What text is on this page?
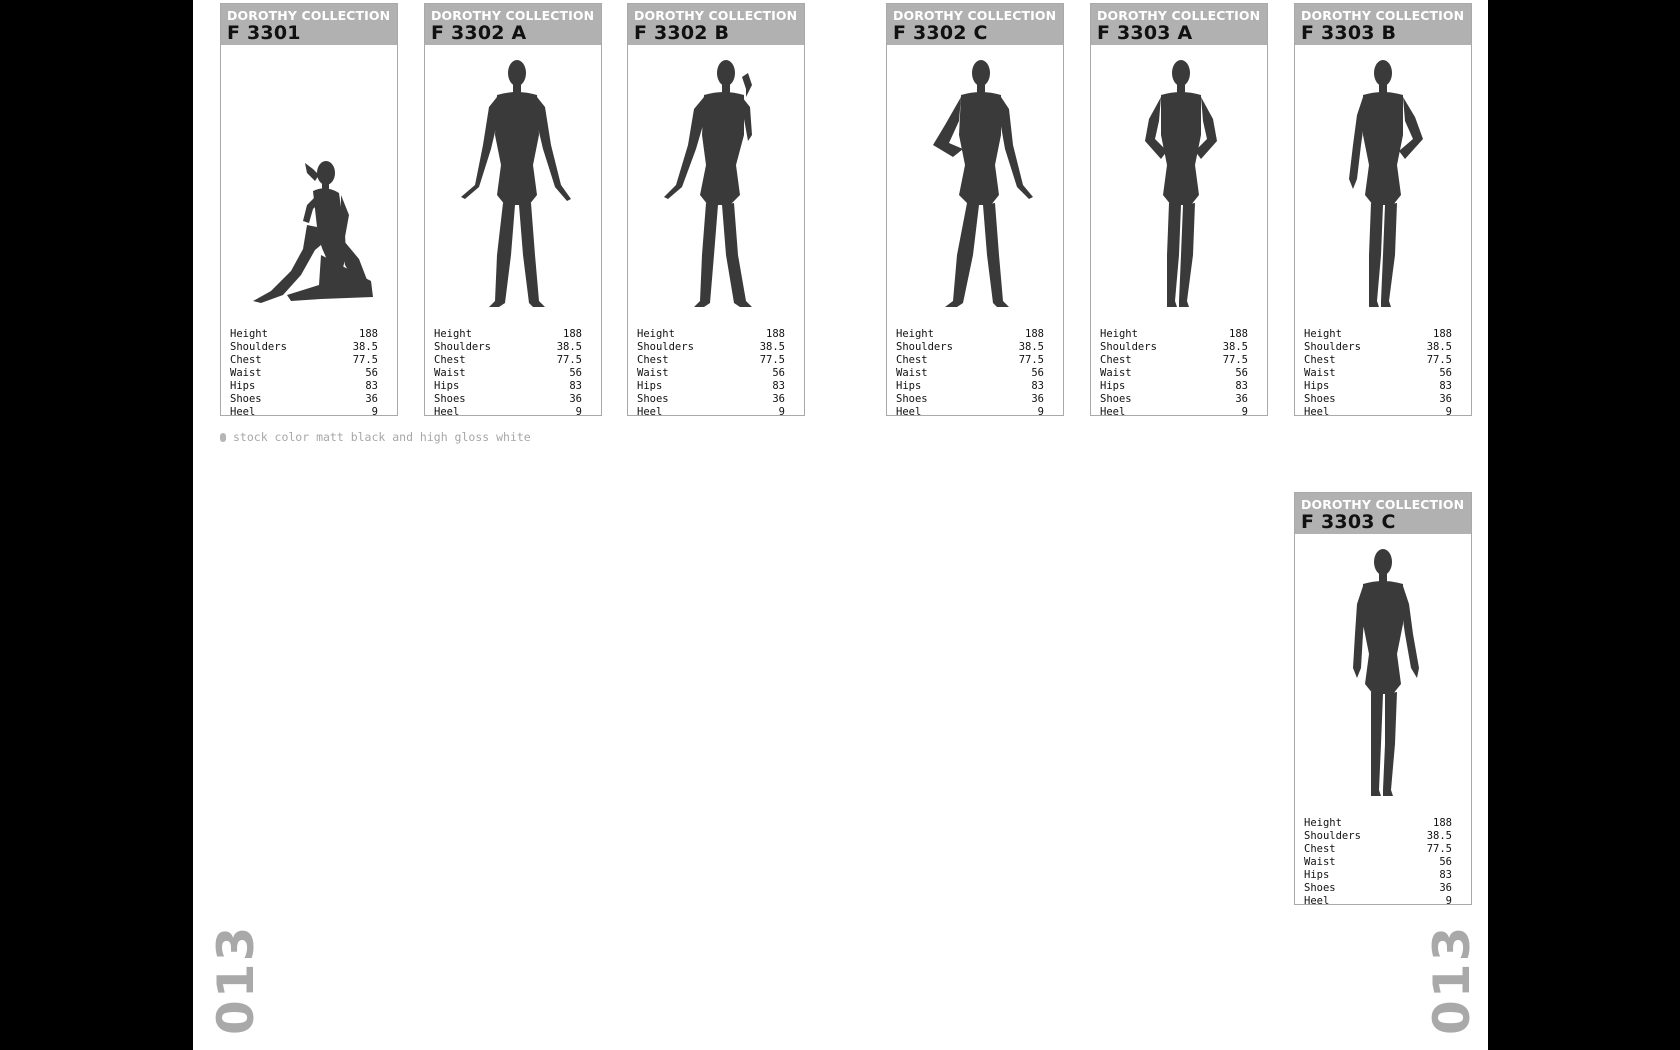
DOROTHY COLLECTION
F 3301
Height	188
Shoulders	38.5
Chest	77.5
Waist	56
Hips	83
Shoes	36
Heel	9
DOROTHY COLLECTION
F 3302 A
Height	188
Shoulders	38.5
Chest	77.5
Waist	56
Hips	83
Shoes	36
Heel	9
DOROTHY COLLECTION
F 3302 B
Height	188
Shoulders	38.5
Chest	77.5
Waist	56
Hips	83
Shoes	36
Heel	9
DOROTHY COLLECTION
F 3302 C
Height	188
Shoulders	38.5
Chest	77.5
Waist	56
Hips	83
Shoes	36
Heel	9
DOROTHY COLLECTION
F 3303 A
Height	188
Shoulders	38.5
Chest	77.5
Waist	56
Hips	83
Shoes	36
Heel	9
DOROTHY COLLECTION
F 3303 B
Height	188
Shoulders	38.5
Chest	77.5
Waist	56
Hips	83
Shoes	36
Heel	9
DOROTHY COLLECTION
F 3303 C
Height	188
Shoulders	38.5
Chest	77.5
Waist	56
Hips	83
Shoes	36
Heel	9
stock color matt black and high gloss white
013	013
